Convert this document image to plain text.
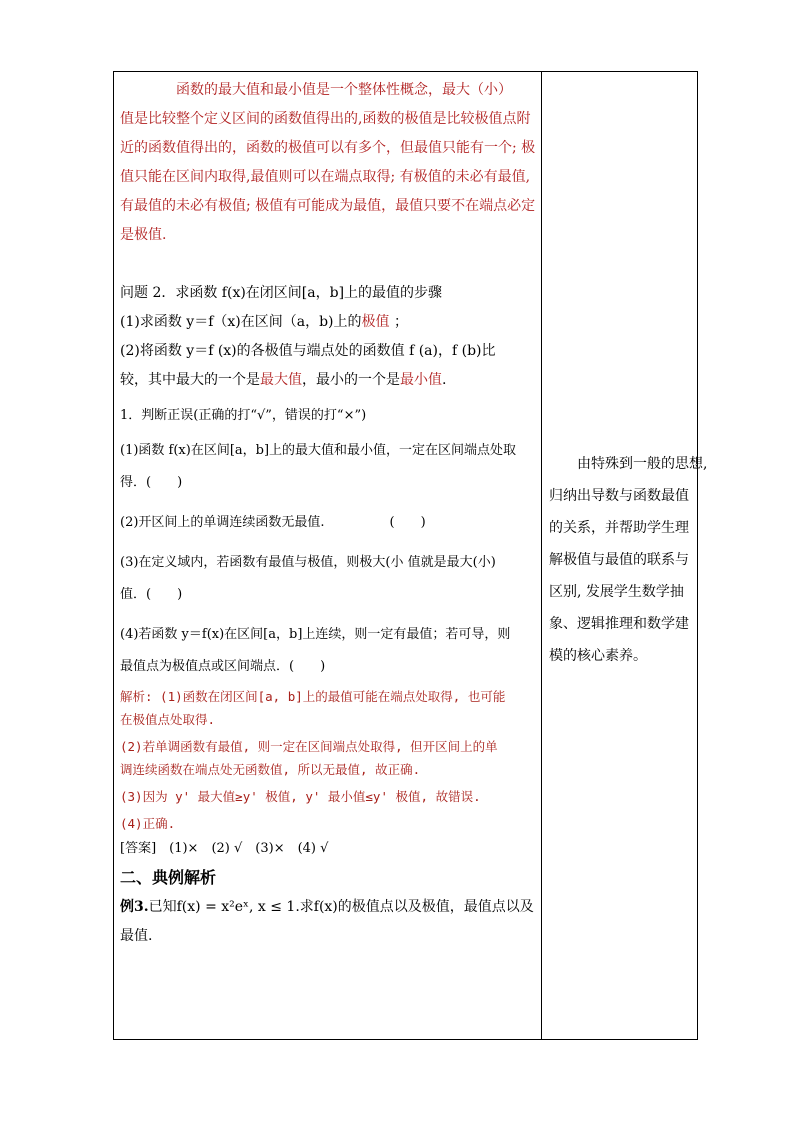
　　　　函数的最大值和最小值是一个整体性概念，最大（小）

值是比较整个定义区间的函数值得出的,函数的极值是比较极值点附

近的函数值得出的，函数的极值可以有多个，但最值只能有一个; 极

值只能在区间内取得,最值则可以在端点取得; 有极值的未必有最值,

有最值的未必有极值; 极值有可能成为最值，最值只要不在端点必定

是极值.

问题 2．求函数 f(x)在闭区间[a，b]上的最值的步骤

(1)求函数 y＝f（x)在区间（a，b)上的极值 ；

(2)将函数 y＝f (x)的各极值与端点处的函数值 f (a)，f (b)比

较，其中最大的一个是最大值，最小的一个是最小值.

1．判断正误(正确的打“√”，错误的打“×”)

(1)函数 f(x)在区间[a，b]上的最大值和最小值，一定在区间端点处取

得．(　　)

(2)开区间上的单调连续函数无最值.　　　　　(　　)

(3)在定义域内，若函数有最值与极值，则极大(小 值就是最大(小)

值．(　　)

(4)若函数 y＝f(x)在区间[a，b]上连续，则一定有最值；若可导，则

最值点为极值点或区间端点．(　　)

解析: (1)函数在闭区间[a, b]上的最值可能在端点处取得, 也可能

在极值点处取得.

(2)若单调函数有最值, 则一定在区间端点处取得, 但开区间上的单

调连续函数在端点处无函数值, 所以无最值, 故正确.

(3)因为 y' 最大值≥y' 极值, y' 最小值≤y' 极值, 故错误.

(4)正确.

[答案]　(1)×　(2) √　(3)×　(4) √

二、典例解析

例3.已知f(x) = x²eˣ, x ≤ 1.求f(x)的极值点以及极值，最值点以及

最值.

　　由特殊到一般的思想,

归纳出导数与函数最值

的关系，并帮助学生理

解极值与最值的联系与

区别, 发展学生数学抽

象、逻辑推理和数学建

模的核心素养。
